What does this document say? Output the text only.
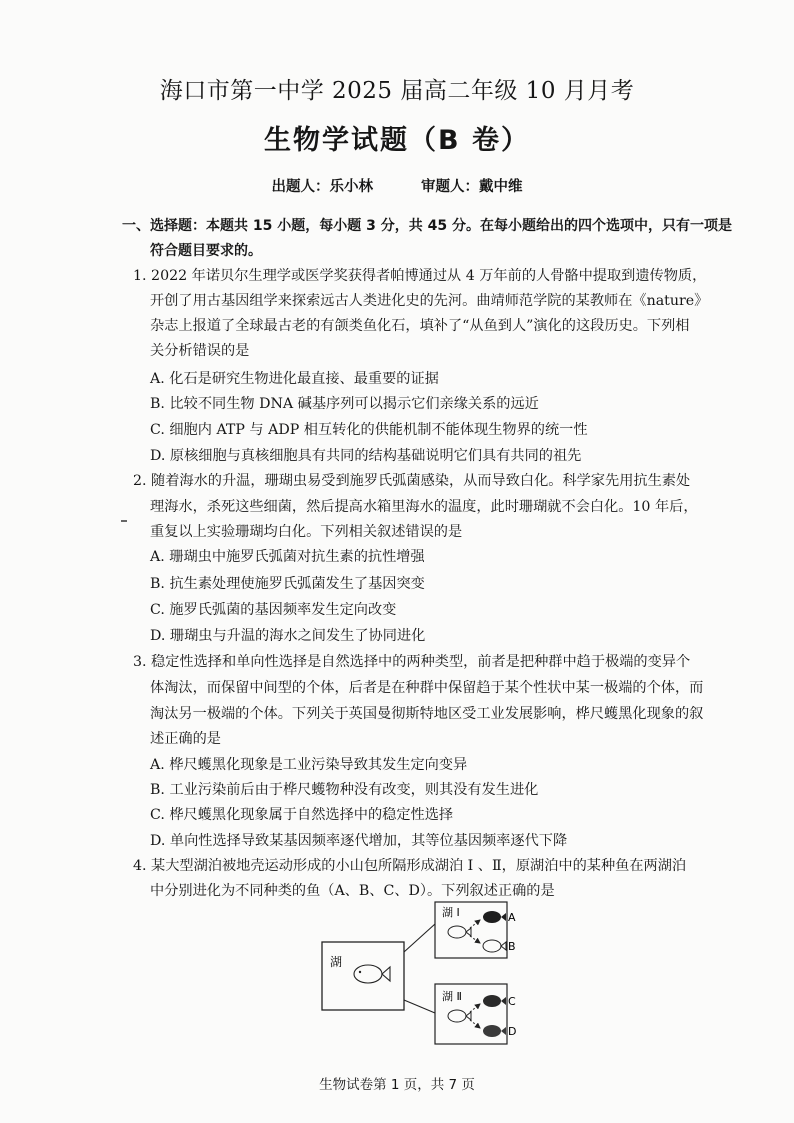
海口市第一中学 2025 届高二年级 10 月月考
生物学试题（B 卷）
出题人：乐小林	审题人：戴中维
一、选择题：本题共 15 小题，每小题 3 分，共 45 分。在每小题给出的四个选项中，只有一项是
符合题目要求的。
1. 2022 年诺贝尔生理学或医学奖获得者帕博通过从 4 万年前的人骨骼中提取到遗传物质，
开创了用古基因组学来探索远古人类进化史的先河。曲靖师范学院的某教师在《nature》
杂志上报道了全球最古老的有颌类鱼化石，填补了“从鱼到人”演化的这段历史。下列相
关分析错误的是
A. 化石是研究生物进化最直接、最重要的证据
B. 比较不同生物 DNA 碱基序列可以揭示它们亲缘关系的远近
C. 细胞内 ATP 与 ADP 相互转化的供能机制不能体现生物界的统一性
D. 原核细胞与真核细胞具有共同的结构基础说明它们具有共同的祖先
2. 随着海水的升温，珊瑚虫易受到施罗氏弧菌感染，从而导致白化。科学家先用抗生素处
理海水，杀死这些细菌，然后提高水箱里海水的温度，此时珊瑚就不会白化。10 年后，
重复以上实验珊瑚均白化。下列相关叙述错误的是
A. 珊瑚虫中施罗氏弧菌对抗生素的抗性增强
B. 抗生素处理使施罗氏弧菌发生了基因突变
C. 施罗氏弧菌的基因频率发生定向改变
D. 珊瑚虫与升温的海水之间发生了协同进化
3. 稳定性选择和单向性选择是自然选择中的两种类型，前者是把种群中趋于极端的变异个
体淘汰，而保留中间型的个体，后者是在种群中保留趋于某个性状中某一极端的个体，而
淘汰另一极端的个体。下列关于英国曼彻斯特地区受工业发展影响，桦尺蠖黑化现象的叙
述正确的是
A. 桦尺蠖黑化现象是工业污染导致其发生定向变异
B. 工业污染前后由于桦尺蠖物种没有改变，则其没有发生进化
C. 桦尺蠖黑化现象属于自然选择中的稳定性选择
D. 单向性选择导致某基因频率逐代增加，其等位基因频率逐代下降
4. 某大型湖泊被地壳运动形成的小山包所隔形成湖泊 Ⅰ 、Ⅱ，原湖泊中的某种鱼在两湖泊
中分别进化为不同种类的鱼（A、B、C、D）。下列叙述正确的是
湖
湖 Ⅰ	A
B
湖 Ⅱ	C
D
生物试卷第 1 页，共 7 页
